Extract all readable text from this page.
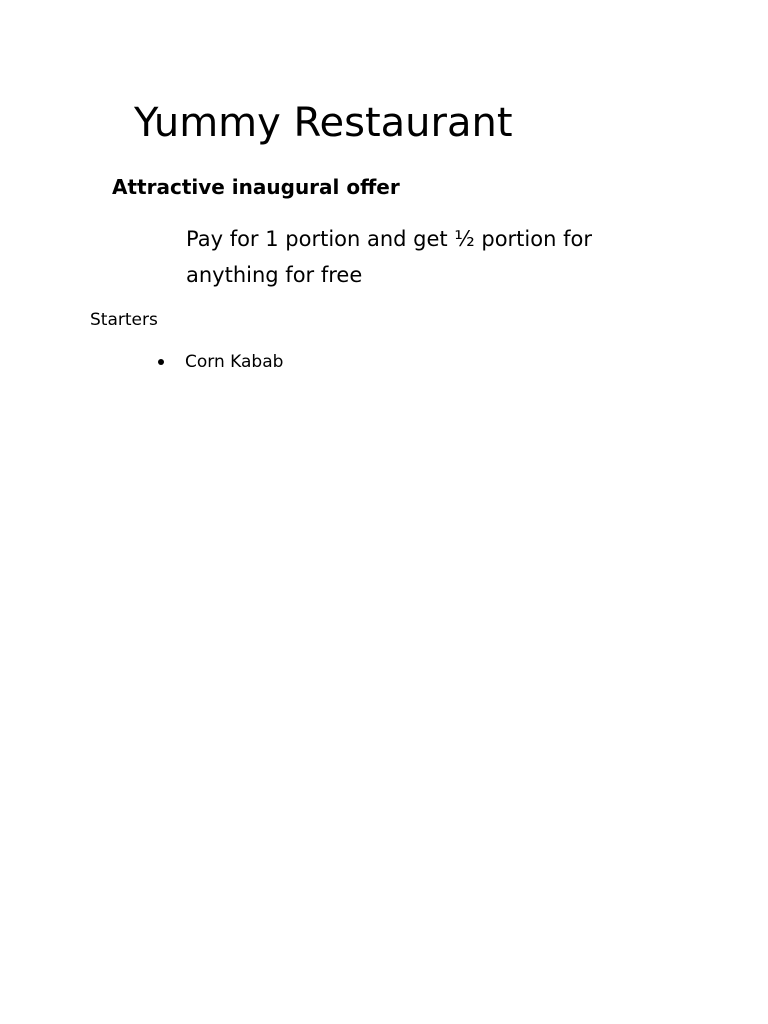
Yummy Restaurant
Attractive inaugural offer

Pay for 1 portion and get ½ portion for anything for free

Starters

Corn Kabab
